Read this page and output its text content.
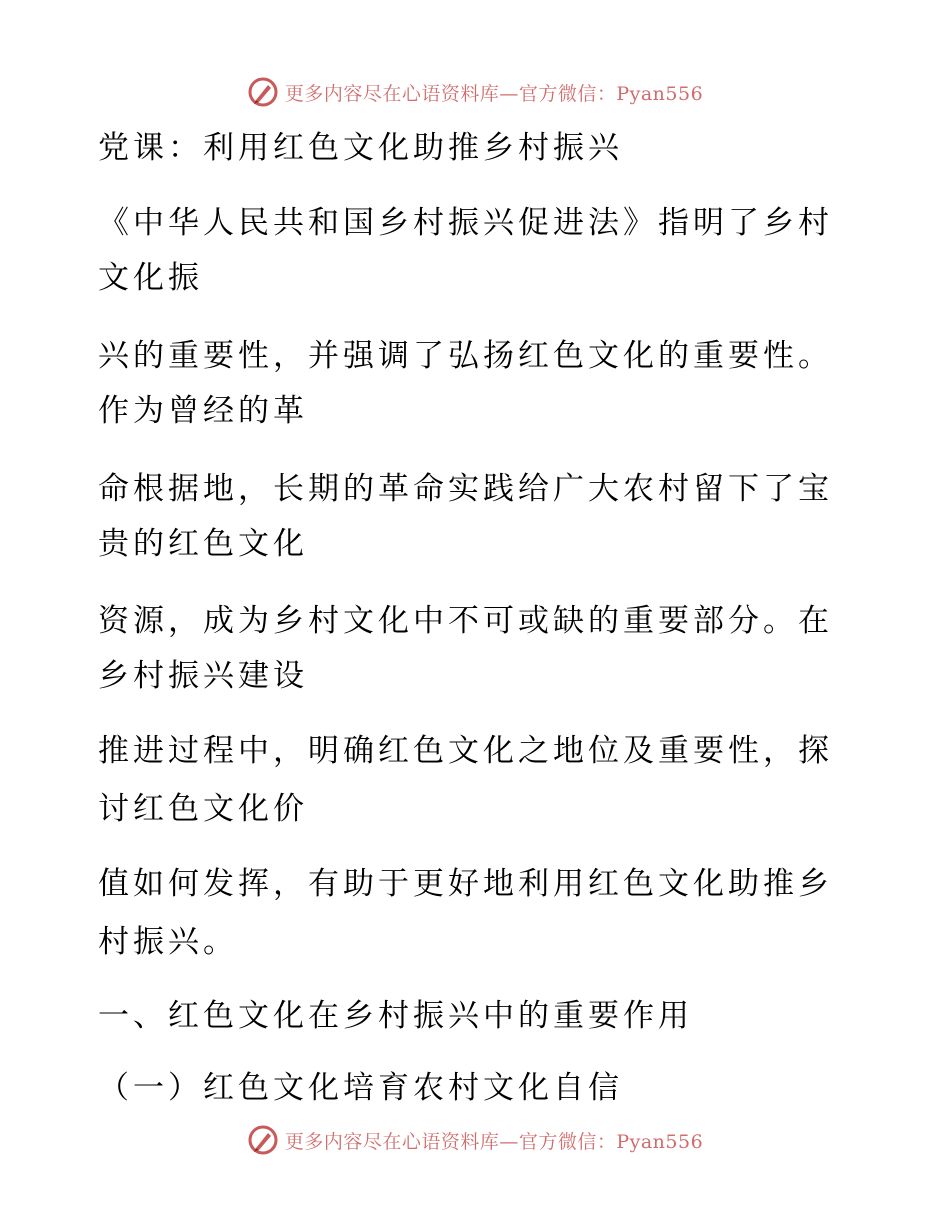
更多内容尽在心语资料库—官方微信：Pyan556
党课：利用红色文化助推乡村振兴
《中华人民共和国乡村振兴促进法》指明了乡村
文化振
兴的重要性，并强调了弘扬红色文化的重要性。
作为曾经的革
命根据地，长期的革命实践给广大农村留下了宝
贵的红色文化
资源，成为乡村文化中不可或缺的重要部分。在
乡村振兴建设
推进过程中，明确红色文化之地位及重要性，探
讨红色文化价
值如何发挥，有助于更好地利用红色文化助推乡
村振兴。
一、红色文化在乡村振兴中的重要作用
（一）红色文化培育农村文化自信
更多内容尽在心语资料库—官方微信：Pyan556
